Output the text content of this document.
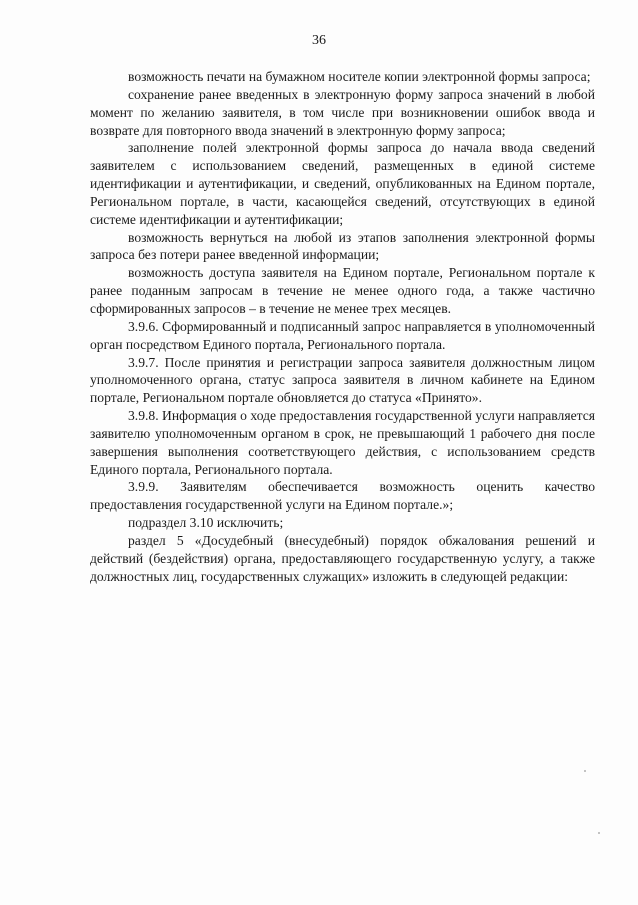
36

возможность печати на бумажном носителе копии электронной формы запроса;

сохранение ранее введенных в электронную форму запроса значений в любой момент по желанию заявителя, в том числе при возникновении ошибок ввода и возврате для повторного ввода значений в электронную форму запроса;

заполнение полей электронной формы запроса до начала ввода сведений заявителем с использованием сведений, размещенных в единой системе идентификации и аутентификации, и сведений, опубликованных на Едином портале, Региональном портале, в части, касающейся сведений, отсутствующих в единой системе идентификации и аутентификации;

возможность вернуться на любой из этапов заполнения электронной формы запроса без потери ранее введенной информации;

возможность доступа заявителя на Едином портале, Региональном портале к ранее поданным запросам в течение не менее одного года, а также частично сформированных запросов – в течение не менее трех месяцев.

3.9.6. Сформированный и подписанный запрос направляется в уполномоченный орган посредством Единого портала, Регионального портала.

3.9.7. После принятия и регистрации запроса заявителя должностным лицом уполномоченного органа, статус запроса заявителя в личном кабинете на Едином портале, Региональном портале обновляется до статуса «Принято».

3.9.8. Информация о ходе предоставления государственной услуги направляется заявителю уполномоченным органом в срок, не превышающий 1 рабочего дня после завершения выполнения соответствующего действия, с использованием средств Единого портала, Регионального портала.

3.9.9. Заявителям обеспечивается возможность оценить качество предоставления государственной услуги на Едином портале.»;

подраздел 3.10 исключить;

раздел 5 «Досудебный (внесудебный) порядок обжалования решений и действий (бездействия) органа, предоставляющего государственную услугу, а также должностных лиц, государственных служащих» изложить в следующей редакции:
